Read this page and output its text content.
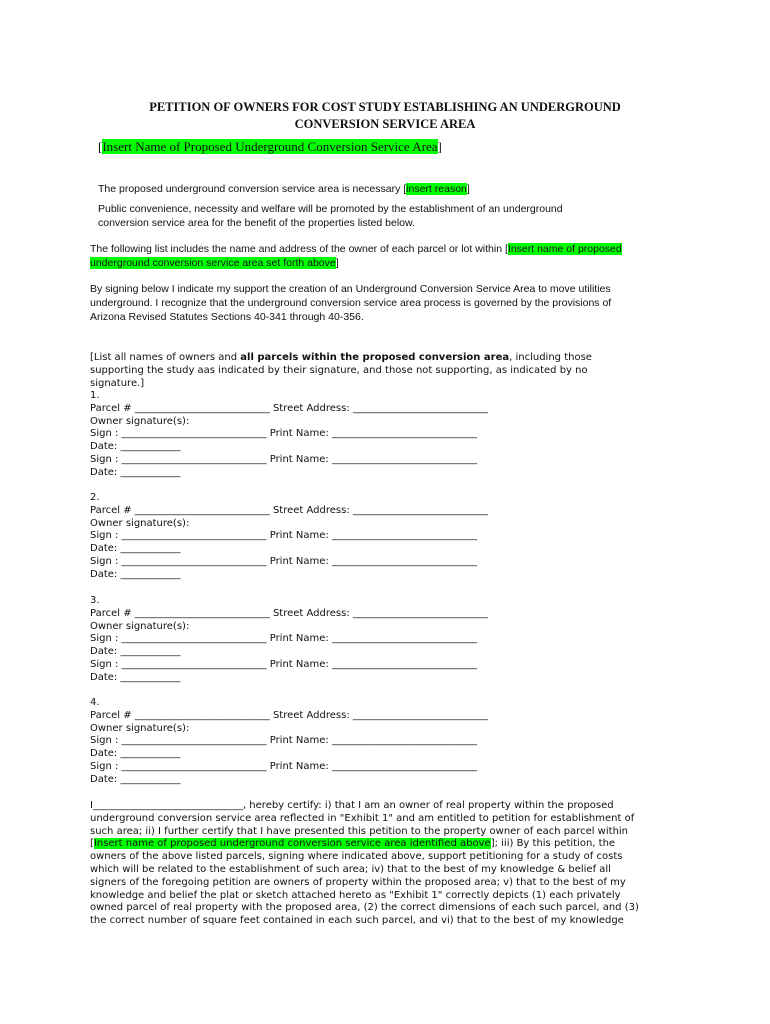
PETITION OF OWNERS FOR COST STUDY ESTABLISHING AN UNDERGROUND
CONVERSION SERVICE AREA
[Insert Name of Proposed Underground Conversion Service Area]
The proposed underground conversion service area is necessary [insert reason]
Public convenience, necessity and welfare will be promoted by the establishment of an underground
conversion service area for the benefit of the properties listed below.
The following list includes the name and address of the owner of each parcel or lot within [Insert name of proposed
underground conversion service area set forth above]
By signing below I indicate my support the creation of an Underground Conversion Service Area to move utilities
underground. I recognize that the underground conversion service area process is governed by the provisions of
Arizona Revised Statutes Sections 40-341 through 40-356.
[List all names of owners and all parcels within the proposed conversion area, including those
supporting the study aas indicated by their signature, and those not supporting, as indicated by no
signature.]
1.
Parcel # ___________________________ Street Address: ___________________________
Owner signature(s):
Sign : _____________________________ Print Name: _____________________________
Date: ____________
Sign : _____________________________ Print Name: _____________________________
Date: ____________
2.
Parcel # ___________________________ Street Address: ___________________________
Owner signature(s):
Sign : _____________________________ Print Name: _____________________________
Date: ____________
Sign : _____________________________ Print Name: _____________________________
Date: ____________
3.
Parcel # ___________________________ Street Address: ___________________________
Owner signature(s):
Sign : _____________________________ Print Name: _____________________________
Date: ____________
Sign : _____________________________ Print Name: _____________________________
Date: ____________
4.
Parcel # ___________________________ Street Address: ___________________________
Owner signature(s):
Sign : _____________________________ Print Name: _____________________________
Date: ____________
Sign : _____________________________ Print Name: _____________________________
Date: ____________
I______________________________, hereby certify: i) that I am an owner of real property within the proposed
underground conversion service area reflected in "Exhibit 1" and am entitled to petition for establishment of
such area; ii) I further certify that I have presented this petition to the property owner of each parcel within
[Insert name of proposed underground conversion service area identified above]; iii) By this petition, the
owners of the above listed parcels, signing where indicated above, support petitioning for a study of costs
which will be related to the establishment of such area; iv) that to the best of my knowledge & belief all
signers of the foregoing petition are owners of property within the proposed area; v) that to the best of my
knowledge and belief the plat or sketch attached hereto as "Exhibit 1" correctly depicts (1) each privately
owned parcel of real property with the proposed area, (2) the correct dimensions of each such parcel, and (3)
the correct number of square feet contained in each such parcel, and vi) that to the best of my knowledge
